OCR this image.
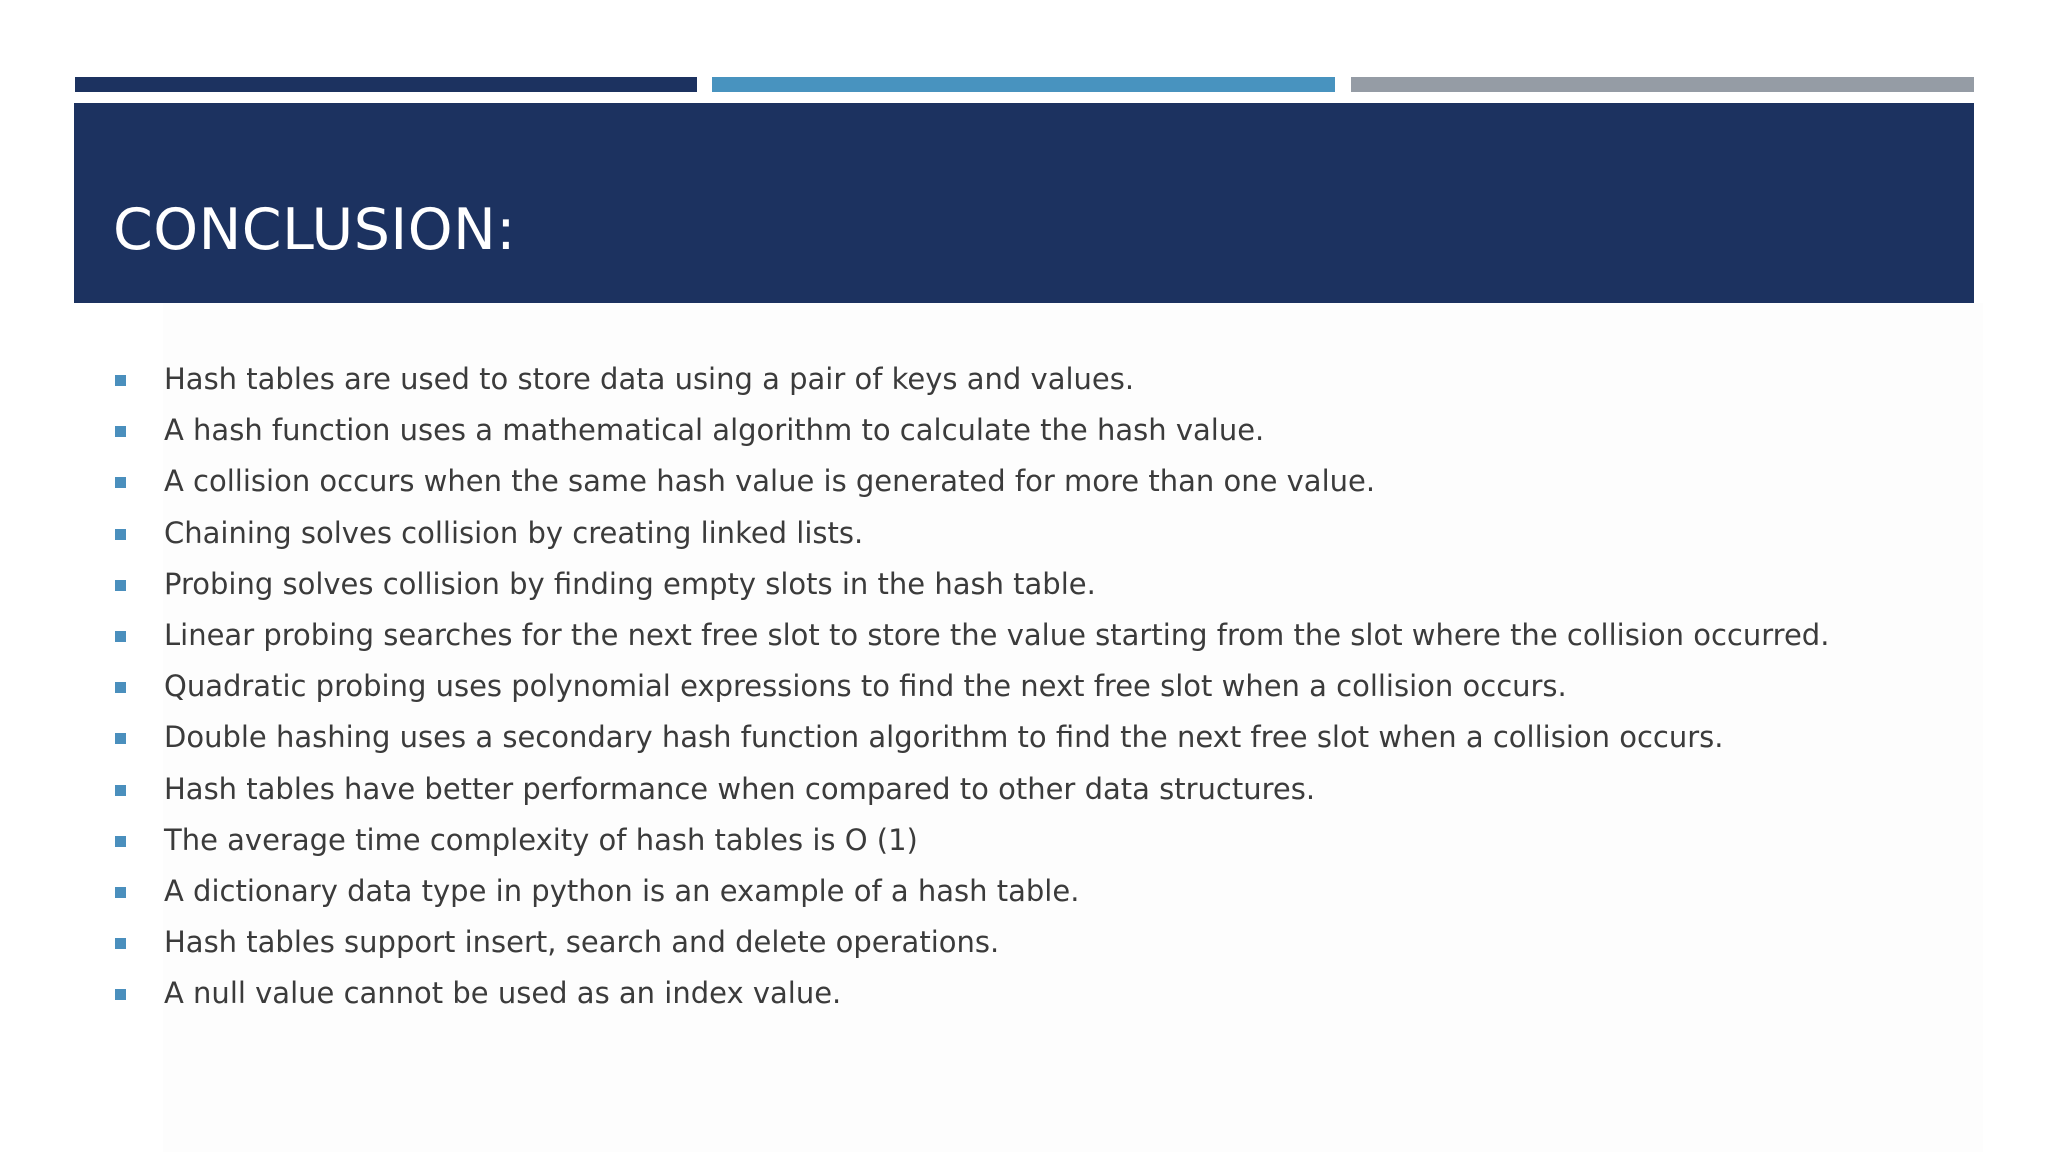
CONCLUSION:
Hash tables are used to store data using a pair of keys and values.
A hash function uses a mathematical algorithm to calculate the hash value.
A collision occurs when the same hash value is generated for more than one value.
Chaining solves collision by creating linked lists.
Probing solves collision by finding empty slots in the hash table.
Linear probing searches for the next free slot to store the value starting from the slot where the collision occurred.
Quadratic probing uses polynomial expressions to find the next free slot when a collision occurs.
Double hashing uses a secondary hash function algorithm to find the next free slot when a collision occurs.
Hash tables have better performance when compared to other data structures.
The average time complexity of hash tables is O (1)
A dictionary data type in python is an example of a hash table.
Hash tables support insert, search and delete operations.
A null value cannot be used as an index value.
